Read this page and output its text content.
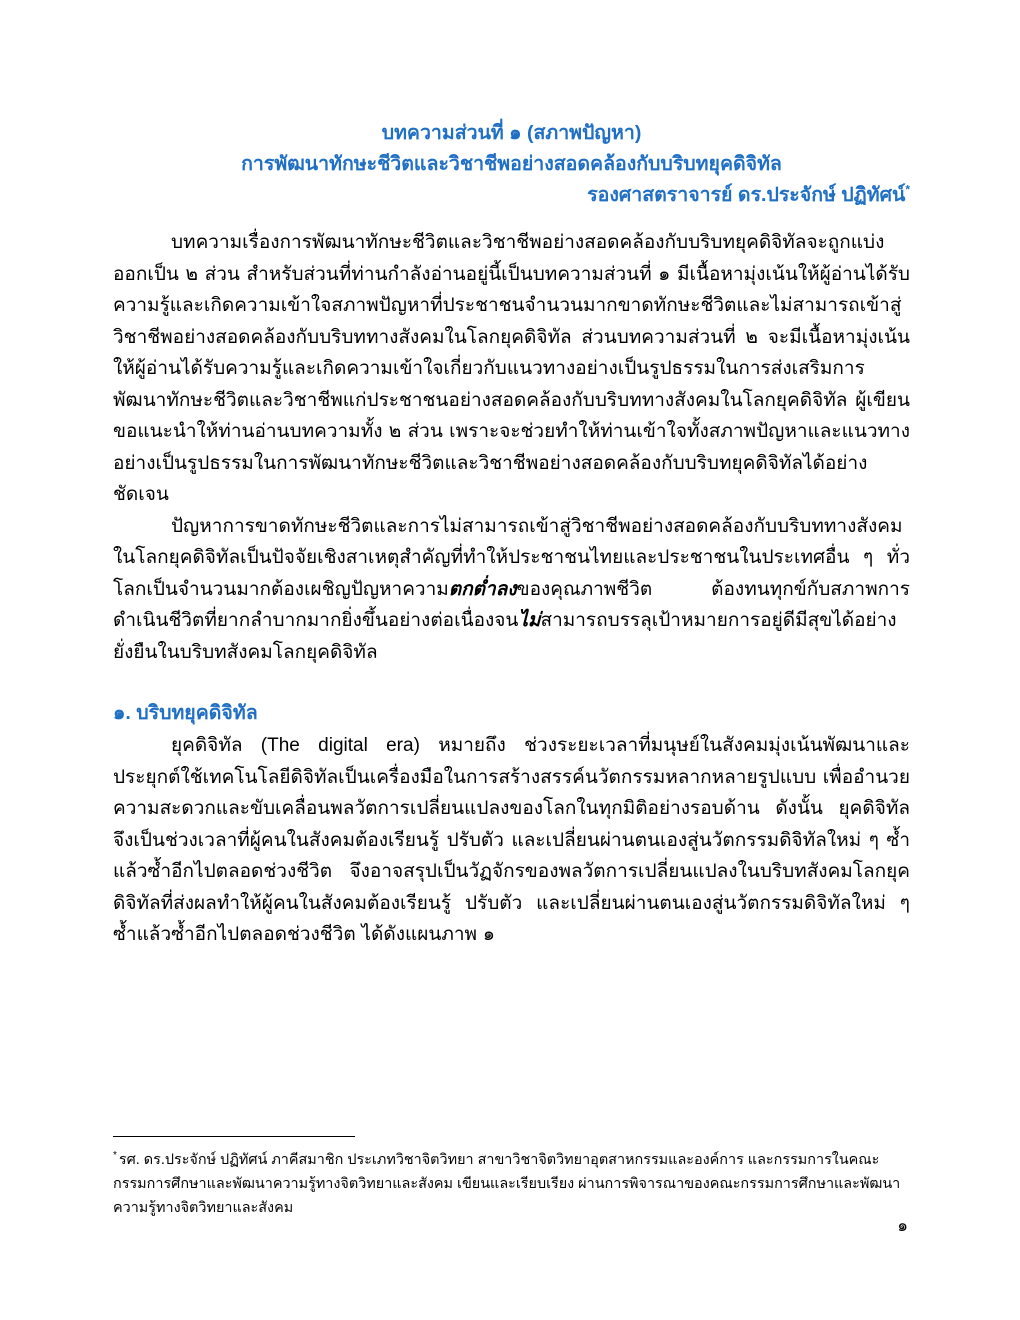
บทความส่วนที่ ๑ (สภาพปัญหา)
การพัฒนาทักษะชีวิตและวิชาชีพอย่างสอดคล้องกับบริบทยุคดิจิทัล
รองศาสตราจารย์ ดร.ประจักษ์ ปฏิทัศน์*

บทความเรื่องการพัฒนาทักษะชีวิตและวิชาชีพอย่างสอดคล้องกับบริบทยุคดิจิทัลจะถูกแบ่งออกเป็น ๒ ส่วน สำหรับส่วนที่ท่านกำลังอ่านอยู่นี้เป็นบทความส่วนที่ ๑ มีเนื้อหามุ่งเน้นให้ผู้อ่านได้รับความรู้และเกิดความเข้าใจสภาพปัญหาที่ประชาชนจำนวนมากขาดทักษะชีวิตและไม่สามารถเข้าสู่วิชาชีพอย่างสอดคล้องกับบริบททางสังคมในโลกยุคดิจิทัล ส่วนบทความส่วนที่ ๒ จะมีเนื้อหามุ่งเน้นให้ผู้อ่านได้รับความรู้และเกิดความเข้าใจเกี่ยวกับแนวทางอย่างเป็นรูปธรรมในการส่งเสริมการพัฒนาทักษะชีวิตและวิชาชีพแก่ประชาชนอย่างสอดคล้องกับบริบททางสังคมในโลกยุคดิจิทัล ผู้เขียนขอแนะนำให้ท่านอ่านบทความทั้ง ๒ ส่วน เพราะจะช่วยทำให้ท่านเข้าใจทั้งสภาพปัญหาและแนวทางอย่างเป็นรูปธรรมในการพัฒนาทักษะชีวิตและวิชาชีพอย่างสอดคล้องกับบริบทยุคดิจิทัลได้อย่างชัดเจน

ปัญหาการขาดทักษะชีวิตและการไม่สามารถเข้าสู่วิชาชีพอย่างสอดคล้องกับบริบททางสังคมในโลกยุคดิจิทัลเป็นปัจจัยเชิงสาเหตุสำคัญที่ทำให้ประชาชนไทยและประชาชนในประเทศอื่น ๆ ทั่วโลกเป็นจำนวนมากต้องเผชิญปัญหาความตกต่ำลงของคุณภาพชีวิต ต้องทนทุกข์กับสภาพการดำเนินชีวิตที่ยากลำบากมากยิ่งขึ้นอย่างต่อเนื่องจนไม่สามารถบรรลุเป้าหมายการอยู่ดีมีสุขได้อย่างยั่งยืนในบริบทสังคมโลกยุคดิจิทัล

๑. บริบทยุคดิจิทัล

ยุคดิจิทัล (The digital era) หมายถึง ช่วงระยะเวลาที่มนุษย์ในสังคมมุ่งเน้นพัฒนาและประยุกต์ใช้เทคโนโลยีดิจิทัลเป็นเครื่องมือในการสร้างสรรค์นวัตกรรมหลากหลายรูปแบบ เพื่ออำนวยความสะดวกและขับเคลื่อนพลวัตการเปลี่ยนแปลงของโลกในทุกมิติอย่างรอบด้าน ดังนั้น ยุคดิจิทัลจึงเป็นช่วงเวลาที่ผู้คนในสังคมต้องเรียนรู้ ปรับตัว และเปลี่ยนผ่านตนเองสู่นวัตกรรมดิจิทัลใหม่ ๆ ซ้ำแล้วซ้ำอีกไปตลอดช่วงชีวิต จึงอาจสรุปเป็นวัฏจักรของพลวัตการเปลี่ยนแปลงในบริบทสังคมโลกยุคดิจิทัลที่ส่งผลทำให้ผู้คนในสังคมต้องเรียนรู้ ปรับตัว และเปลี่ยนผ่านตนเองสู่นวัตกรรมดิจิทัลใหม่ ๆ ซ้ำแล้วซ้ำอีกไปตลอดช่วงชีวิต ได้ดังแผนภาพ ๑

* รศ. ดร.ประจักษ์ ปฏิทัศน์ ภาคีสมาชิก ประเภทวิชาจิตวิทยา สาขาวิชาจิตวิทยาอุตสาหกรรมและองค์การ และกรรมการในคณะกรรมการศึกษาและพัฒนาความรู้ทางจิตวิทยาและสังคม เขียนและเรียบเรียง ผ่านการพิจารณาของคณะกรรมการศึกษาและพัฒนาความรู้ทางจิตวิทยาและสังคม
๑
